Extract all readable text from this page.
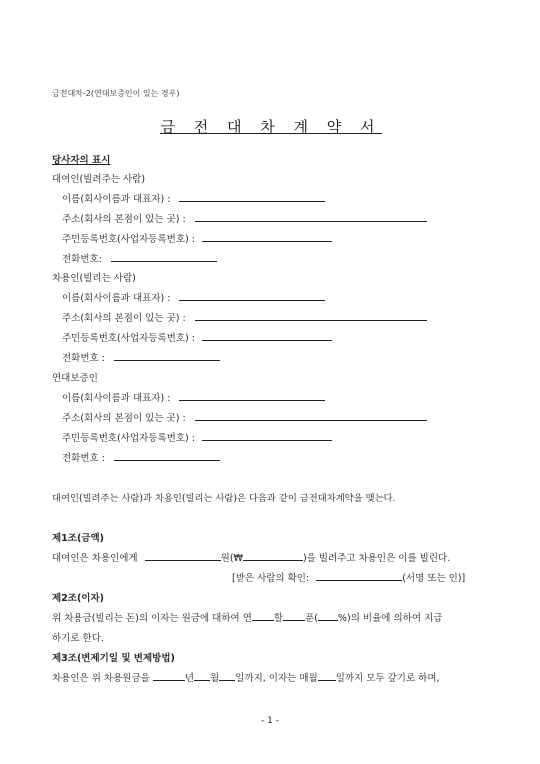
금전대차-2(연대보증인이 있는 경우)
금 전 대 차 계 약 서
당사자의 표시
대여인(빌려주는 사람)
이름(회사이름과 대표자) :
주소(회사의 본점이 있는 곳) :
주민등록번호(사업자등록번호) :
전화번호:
차용인(빌리는 사람)
이름(회사이름과 대표자) :
주소(회사의 본점이 있는 곳) :
주민등록번호(사업자등록번호) :
전화번호 :
연대보증인
이름(회사이름과 대표자) :
주소(회사의 본점이 있는 곳) :
주민등록번호(사업자등록번호) :
전화번호 :
대여인(빌려주는 사람)과 차용인(빌리는 사람)은 다음과 같이 금전대차계약을 맺는다.
제1조(금액)
대여인은 차용인에게	원(₩	)을 빌려주고 차용인은 이를 빌린다.
[받은 사람의 확인:	(서명 또는 인)]
제2조(이자)
위 차용금(빌리는 돈)의 이자는 원금에 대하여 연 할 푼( %)의 비율에 의하여 지급
하기로 한다.
제3조(변제기일 및 변제방법)
차용인은 위 차용원금을	년 월 일까지, 이자는 매월 일까지 모두 갚기로 하며,
- 1 -
